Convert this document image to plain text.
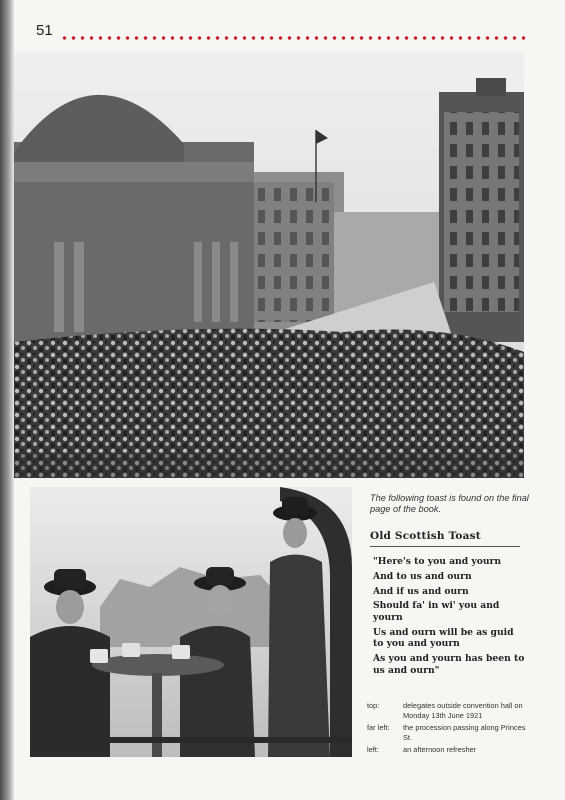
51
The following toast is found on the final page of the book.
Old Scottish Toast
"Here's to you and yourn
And to us and ourn
And if us and ourn
Should fa' in wi' you and yourn
Us and ourn will be as guid to you and yourn
As you and yourn has been to us and ourn"
top:	delegates outside convention hall on Monday 13th June 1921
far left:	the procession passing along Princes St.
left:	an afternoon refresher
